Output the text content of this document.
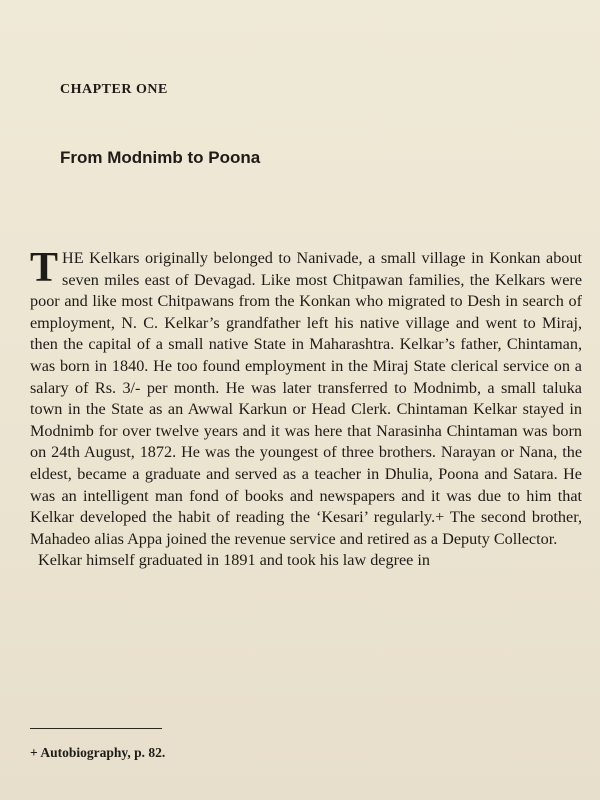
CHAPTER ONE
From Modnimb to Poona

THE Kelkars originally belonged to Nanivade, a small village in Konkan about seven miles east of Devagad. Like most Chitpawan families, the Kelkars were poor and like most Chitpawans from the Konkan who migrated to Desh in search of employment, N. C. Kelkar’s grandfather left his native village and went to Miraj, then the capital of a small native State in Maharashtra. Kelkar’s father, Chintaman, was born in 1840. He too found employment in the Miraj State clerical service on a salary of Rs. 3/- per month. He was later transferred to Modnimb, a small taluka town in the State as an Awwal Karkun or Head Clerk. Chintaman Kelkar stayed in Modnimb for over twelve years and it was here that Narasinha Chintaman was born on 24th August, 1872. He was the youngest of three brothers. Narayan or Nana, the eldest, became a graduate and served as a teacher in Dhulia, Poona and Satara. He was an intelligent man fond of books and newspapers and it was due to him that Kelkar developed the habit of reading the ‘Kesari’ regularly.+ The second brother, Mahadeo alias Appa joined the revenue service and retired as a Deputy Collector.

Kelkar himself graduated in 1891 and took his law degree in

+ Autobiography, p. 82.
